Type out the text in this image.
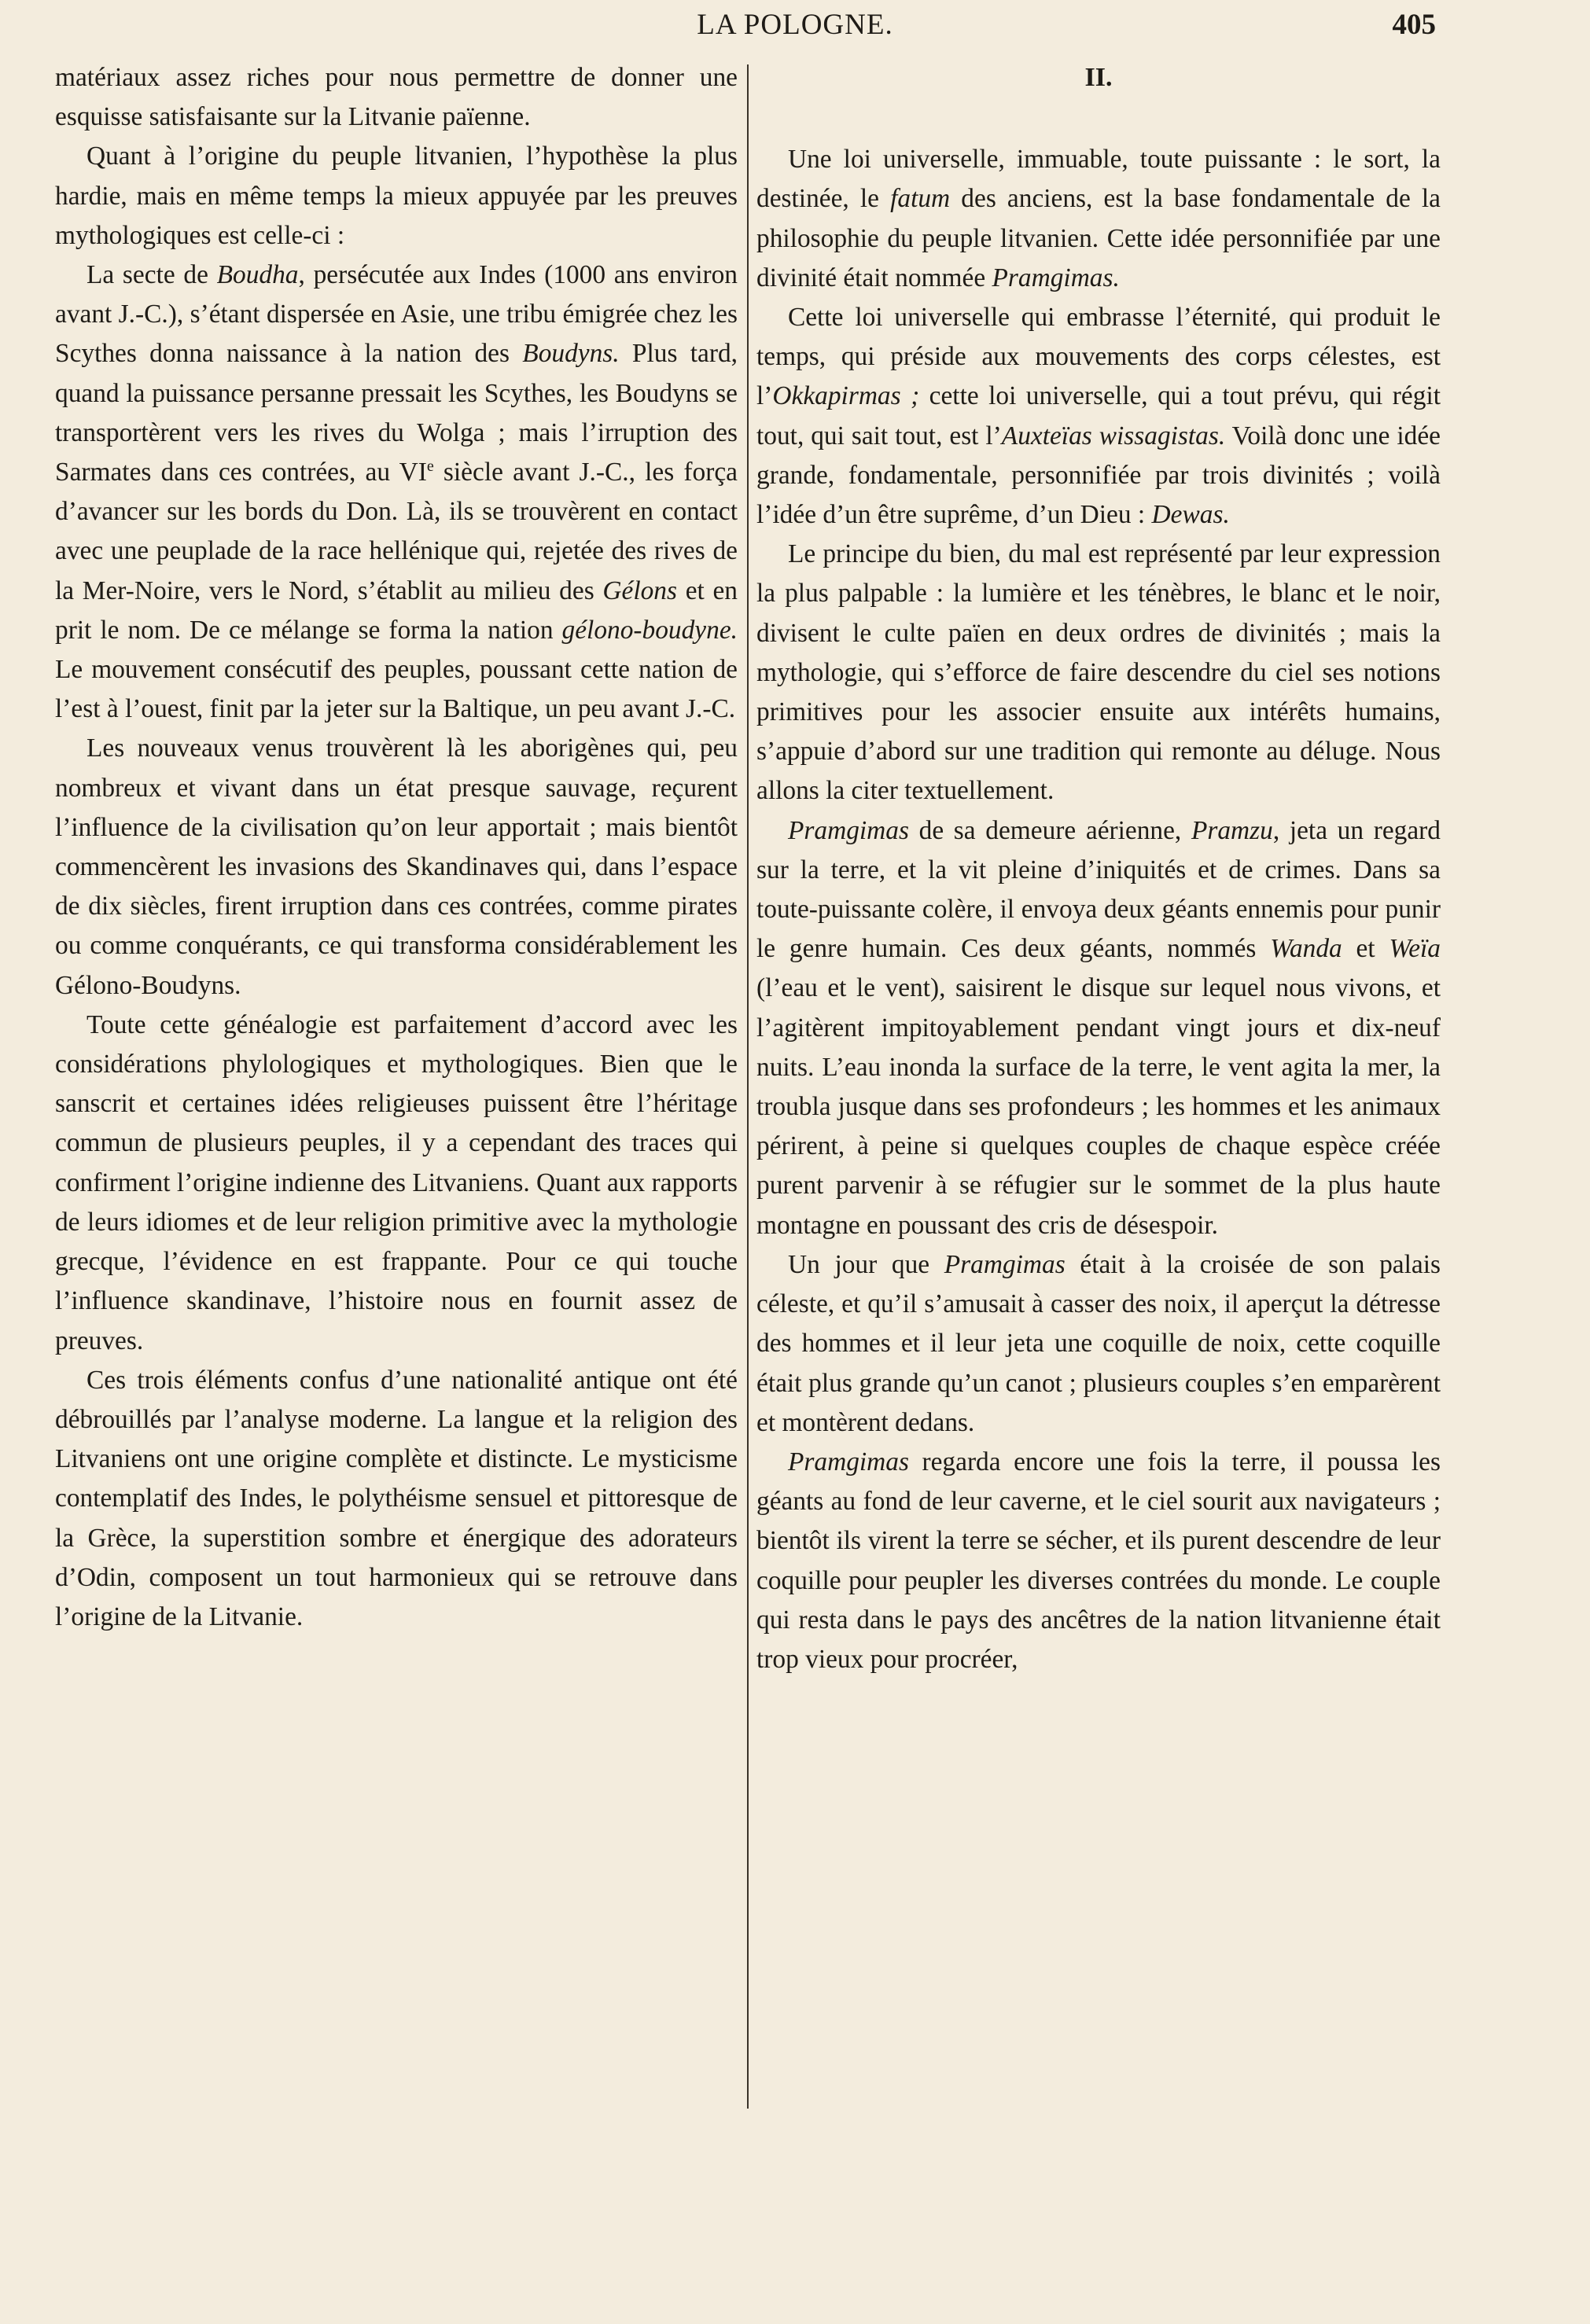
LA POLOGNE.	405

matériaux assez riches pour nous permettre de donner une esquisse satisfaisante sur la Litvanie païenne.

Quant à l’origine du peuple litvanien, l’hypothèse la plus hardie, mais en même temps la mieux appuyée par les preuves mythologiques est celle-ci :

La secte de Boudha, persécutée aux Indes (1000 ans environ avant J.-C.), s’étant dispersée en Asie, une tribu émigrée chez les Scythes donna naissance à la nation des Boudyns. Plus tard, quand la puissance persanne pressait les Scythes, les Boudyns se transportèrent vers les rives du Wolga ; mais l’irruption des Sarmates dans ces contrées, au VIe siècle avant J.-C., les força d’avancer sur les bords du Don. Là, ils se trouvèrent en contact avec une peuplade de la race hellénique qui, rejetée des rives de la Mer-Noire, vers le Nord, s’établit au milieu des Gélons et en prit le nom. De ce mélange se forma la nation gélono-boudyne. Le mouvement consécutif des peuples, poussant cette nation de l’est à l’ouest, finit par la jeter sur la Baltique, un peu avant J.-C.

Les nouveaux venus trouvèrent là les aborigènes qui, peu nombreux et vivant dans un état presque sauvage, reçurent l’influence de la civilisation qu’on leur apportait ; mais bientôt commencèrent les invasions des Skandinaves qui, dans l’espace de dix siècles, firent irruption dans ces contrées, comme pirates ou comme conquérants, ce qui transforma considérablement les Gélono-Boudyns.

Toute cette généalogie est parfaitement d’accord avec les considérations phylologiques et mythologiques. Bien que le sanscrit et certaines idées religieuses puissent être l’héritage commun de plusieurs peuples, il y a cependant des traces qui confirment l’origine indienne des Litvaniens. Quant aux rapports de leurs idiomes et de leur religion primitive avec la mythologie grecque, l’évidence en est frappante. Pour ce qui touche l’influence skandinave, l’histoire nous en fournit assez de preuves.

Ces trois éléments confus d’une nationalité antique ont été débrouillés par l’analyse moderne. La langue et la religion des Litvaniens ont une origine complète et distincte. Le mysticisme contemplatif des Indes, le polythéisme sensuel et pittoresque de la Grèce, la superstition sombre et énergique des adorateurs d’Odin, composent un tout harmonieux qui se retrouve dans l’origine de la Litvanie.

II.

Une loi universelle, immuable, toute puissante : le sort, la destinée, le fatum des anciens, est la base fondamentale de la philosophie du peuple litvanien. Cette idée personnifiée par une divinité était nommée Pramgimas.

Cette loi universelle qui embrasse l’éternité, qui produit le temps, qui préside aux mouvements des corps célestes, est l’Okkapirmas ; cette loi universelle, qui a tout prévu, qui régit tout, qui sait tout, est l’Auxteïas wissagistas. Voilà donc une idée grande, fondamentale, personnifiée par trois divinités ; voilà l’idée d’un être suprême, d’un Dieu : Dewas.

Le principe du bien, du mal est représenté par leur expression la plus palpable : la lumière et les ténèbres, le blanc et le noir, divisent le culte païen en deux ordres de divinités ; mais la mythologie, qui s’efforce de faire descendre du ciel ses notions primitives pour les associer ensuite aux intérêts humains, s’appuie d’abord sur une tradition qui remonte au déluge. Nous allons la citer textuellement.

Pramgimas de sa demeure aérienne, Pramzu, jeta un regard sur la terre, et la vit pleine d’iniquités et de crimes. Dans sa toute-puissante colère, il envoya deux géants ennemis pour punir le genre humain. Ces deux géants, nommés Wanda et Weïa (l’eau et le vent), saisirent le disque sur lequel nous vivons, et l’agitèrent impitoyablement pendant vingt jours et dix-neuf nuits. L’eau inonda la surface de la terre, le vent agita la mer, la troubla jusque dans ses profondeurs ; les hommes et les animaux périrent, à peine si quelques couples de chaque espèce créée purent parvenir à se réfugier sur le sommet de la plus haute montagne en poussant des cris de désespoir.

Un jour que Pramgimas était à la croisée de son palais céleste, et qu’il s’amusait à casser des noix, il aperçut la détresse des hommes et il leur jeta une coquille de noix, cette coquille était plus grande qu’un canot ; plusieurs couples s’en emparèrent et montèrent dedans.

Pramgimas regarda encore une fois la terre, il poussa les géants au fond de leur caverne, et le ciel sourit aux navigateurs ; bientôt ils virent la terre se sécher, et ils purent descendre de leur coquille pour peupler les diverses contrées du monde. Le couple qui resta dans le pays des ancêtres de la nation litvanienne était trop vieux pour procréer,
